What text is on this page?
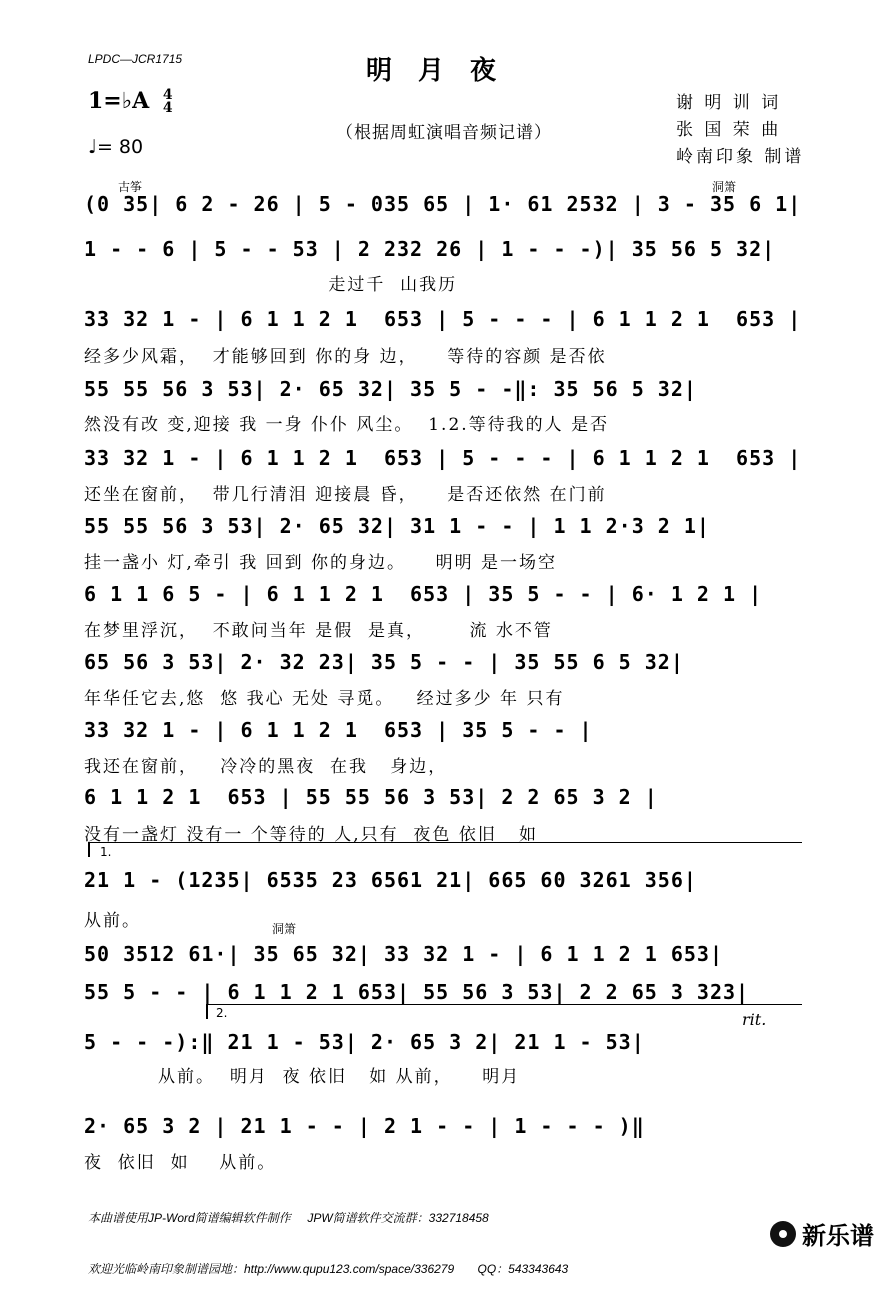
LPDC—JCR1715	明月夜
1=♭A 4
4
（根据周虹演唱音频记谱）
♩= 80
谢 明 训 词
张 国 荣 曲
岭南印象 制谱
古筝	洞箫
洞箫
1.
2.	rit.
(0 35| 6 2 - 26 | 5 - 035 65 | 1· 61 2532 | 3 - 35 6 1|
1 - - 6 | 5 - - 53 | 2 232 26 | 1 - - -)| 35 56 5 32|
走过千  山我历
33 32 1 - | 6 1 1 2 1  653 | 5 - - - | 6 1 1 2 1  653 |
经多少风霜，  才能够回到 你的身 边，    等待的容颜 是否依
55 55 56 3 53| 2· 65 32| 35 5 - -‖: 35 56 5 32|
然没有改 变,迎接 我 一身 仆仆 风尘。  1.2.等待我的人 是否
33 32 1 - | 6 1 1 2 1  653 | 5 - - - | 6 1 1 2 1  653 |
还坐在窗前，  带几行清泪 迎接晨 昏，    是否还依然 在门前
55 55 56 3 53| 2· 65 32| 31 1 - - | 1 1 2·3 2 1|
挂一盏小 灯,牵引 我 回到 你的身边。    明明 是一场空
6 1 1 6 5 - | 6 1 1 2 1  653 | 35 5 - - | 6· 1 2 1 |
在梦里浮沉，  不敢问当年 是假  是真，      流 水不管
65 56 3 53| 2· 32 23| 35 5 - - | 35 55 6 5 32|
年华任它去,悠  悠 我心 无处 寻觅。   经过多少 年 只有
33 32 1 - | 6 1 1 2 1  653 | 35 5 - - |
我还在窗前，   冷冷的黑夜  在我   身边，
6 1 1 2 1  653 | 55 55 56 3 53| 2 2 65 3 2 |
没有一盏灯 没有一 个等待的 人,只有  夜色 依旧   如
21 1 - (1235| 6535 23 6561 21| 665 60 3261 356|
从前。
50 3512 61·| 35 65 32| 33 32 1 - | 6 1 1 2 1 653|
55 5 - - | 6 1 1 2 1 653| 55 56 3 53| 2 2 65 3 323|
5 - - -):‖ 21 1 - 53| 2· 65 3 2| 21 1 - 53|
从前。  明月  夜 依旧   如 从前，    明月
2· 65 3 2 | 21 1 - - | 2 1 - - | 1 - - - )‖
夜  依旧  如    从前。

本曲谱使用JP-Word简谱编辑软件制作     JPW简谱软件交流群：332718458

欢迎光临岭南印象制谱园地：http://www.qupu123.com/space/336279       QQ：543343643

新乐谱
